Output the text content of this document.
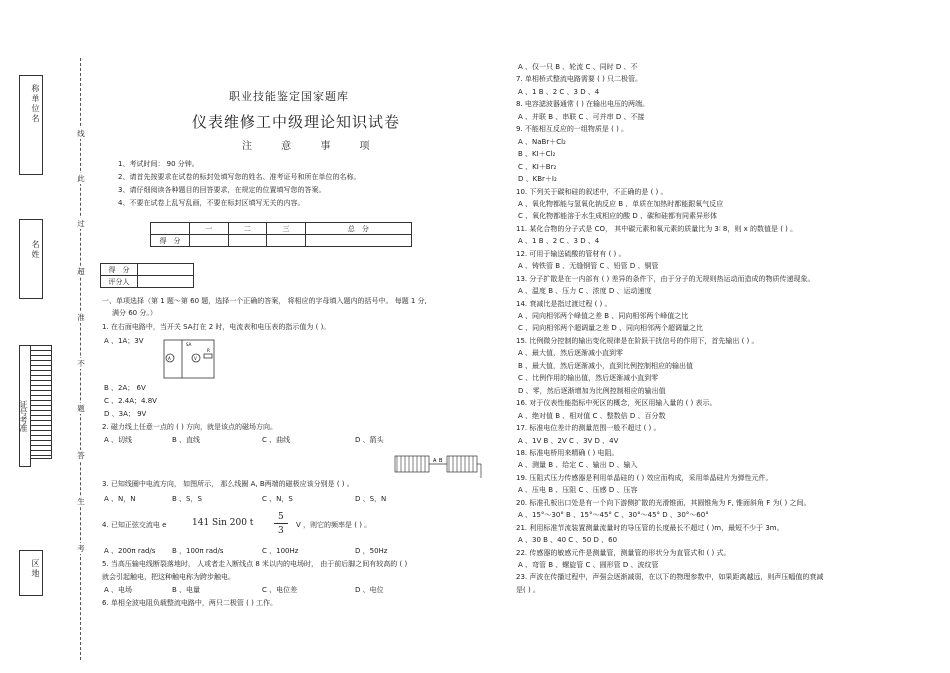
称单位名
名姓
证号考准
区地
线
此
过
超
准
不
题
答
生
考
职业技能鉴定国家题库
仪表维修工中级理论知识试卷
注 意 事 项
1、考试时间： 90 分钟。
2、请首先按要求在试卷的标封处填写您的姓名、准考证号和所在单位的名称。
3、请仔细阅读各种题目的回答要求，在规定的位置填写您的答案。
4、不要在试卷上乱写乱画，不要在标封区填写无关的内容。
	一	二	三	总　分
得　分				
得　分	
评分人	
一、单项选择（第 1 题～第 60 题，选择一个正确的答案， 将相应的字母填入题内的括号中。 每题 1 分,
满分 60 分。）
1. 在右面电路中，当开关 SA打在 2 时，电流表和电压表的指示值为 ( )。
A 、1A；3V
A	V
SA
R
B 、2A； 6V
C 、2.4A；4.8V
D 、3A； 9V
2. 磁力线上任意一点的 ( ) 方向，就是该点的磁场方向。
A 、切线	B 、直线	C 、曲线	D 、箭头
A B
3. 已知线圈中电流方向， 如图所示， 那么线圈 A, B两端的磁极应该分别是 ( ) 。
A 、N，N	B 、S，S	C 、N，S	D 、S，N
4. 已知正弦交流电 e	141 Sin 200 t
5
3
V ，则它的频率是 ( ) 。
A 、200π rad/s B ，100π rad/s	C ，100Hz	D ，50Hz
5. 当高压输电线断裂落地时， 人或者走入断线点 8 米以内的电场时， 由于前后脚之间有较高的 ( )
就会引起触电，把这种触电称为跨步触电。
A 、电场	B 、电量	C 、电位差	D 、电位
6. 单相全波电阻负载整流电路中，两只二极管 ( ) 工作。
A 、仅一只 B 、轮流 C 、同时 D 、不
7. 单相桥式整流电路需要 ( ) 只二极管。
A 、1 B 、2 C 、3 D 、4
8. 电容滤波器通常 ( ) 在输出电压的两端。
A 、并联 B 、串联 C 、可并串 D 、不接
9. 不能相互反应的一组物质是 ( ) 。
A 、NaBr＋Cl₂
B 、KI＋Cl₂
C 、KI＋Br₂
D 、KBr＋I₂
10. 下列关于碳和硅的叙述中，不正确的是 ( ) 。
A 、氧化物都能与氢氧化钠反应 B 、单质在加热时都能跟氧气反应
C 、氧化物都能溶于水生成相应的酸 D 、碳和硅都有同素异形体
11. 某化合物的分子式是 CO， 其中碳元素和氧元素的质量比为 3∶ 8，则 x 的数值是 ( ) 。
A 、1 B 、2 C 、3 D 、4
12. 可用于输送硫酸的管材有 ( ) 。
A 、铸铁管 B 、无缝钢管 C 、铅管 D 、铜管
13. 分子扩散是在一内部有 ( ) 差异的条件下，由于分子的无规则热运动而造成的物质传递现象。
A 、温度 B 、压力 C 、浓度 D 、运动速度
14. 衰减比是指过渡过程 ( ) 。
A 、同向相邻两个峰值之差 B 、同向相邻两个峰值之比
C 、同向相邻两个超调量之差 D 、同向相邻两个超调量之比
15. 比例微分控制的输出变化规律是在阶跃干扰信号的作用下，首先输出 ( ) 。
A 、最大值，然后逐渐减小直到零
B 、最大值，然后逐渐减小，直到比例控制相应的输出值
C 、比例作用的输出值，然后逐渐减小直到零
D 、零，然后逐渐增加为比例控制相应的输出值
16. 对于仪表性能指标中死区的概念，死区用输入量的 ( ) 表示。
A 、绝对值 B 、相对值 C 、整数倍 D 、百分数
17. 标准电位差计的测量范围一般不超过 ( ) 。
A 、1V B 、2V C 、3V D 、4V
18. 标准电桥用来精确 ( ) 电阻。
A 、测量 B 、给定 C 、输出 D 、输入
19. 压阻式压力传感器是利用单晶硅的 ( ) 效应而构成，采用单晶硅片为弹性元件。
A 、压电 B 、压阻 C 、压感 D 、压容
20. 标准孔板出口处是有一个向下游侧扩散的光滑锥面，其圆锥角为 F, 锥面斜角 F 为( ) 之间。
A 、15°～30° B 、15°～45° C 、30°～45° D 、30°～60°
21. 利用标准节流装置测量流量时的导压管的长度最长不超过 ( )m，最短不少于 3m。
A 、30 B 、40 C 、50 D 、60
22. 传感器的敏感元件是测量管，测量管的形状分为直管式和 ( ) 式。
A 、弯管 B 、螺旋管 C 、圆形管 D 、波纹管
23. 声波在传播过程中，声强会逐渐减弱，在以下的物理参数中，如果距离越远，则声压幅值的衰减
是( ) 。
